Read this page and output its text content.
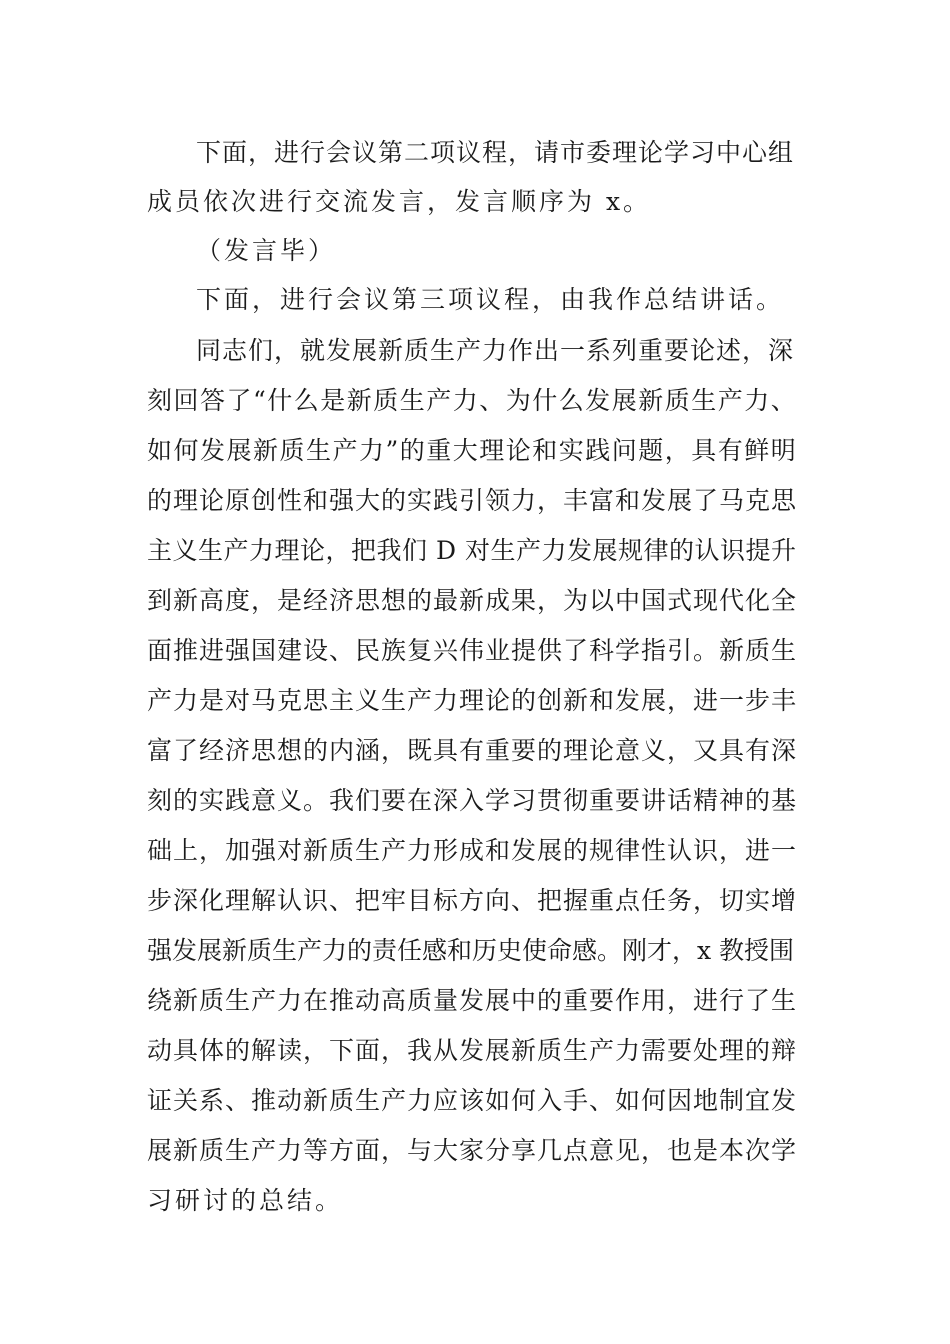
下面，进行会议第二项议程，请市委理论学习中心组
成员依次进行交流发言，发言顺序为 x。
（发言毕）
下面，进行会议第三项议程，由我作总结讲话。
同志们，就发展新质生产力作出一系列重要论述，深
刻回答了“什么是新质生产力、为什么发展新质生产力、
如何发展新质生产力”的重大理论和实践问题，具有鲜明
的理论原创性和强大的实践引领力，丰富和发展了马克思
主义生产力理论，把我们 D 对生产力发展规律的认识提升
到新高度，是经济思想的最新成果，为以中国式现代化全
面推进强国建设、民族复兴伟业提供了科学指引。新质生
产力是对马克思主义生产力理论的创新和发展，进一步丰
富了经济思想的内涵，既具有重要的理论意义，又具有深
刻的实践意义。我们要在深入学习贯彻重要讲话精神的基
础上，加强对新质生产力形成和发展的规律性认识，进一
步深化理解认识、把牢目标方向、把握重点任务，切实增
强发展新质生产力的责任感和历史使命感。刚才，x 教授围
绕新质生产力在推动高质量发展中的重要作用，进行了生
动具体的解读，下面，我从发展新质生产力需要处理的辩
证关系、推动新质生产力应该如何入手、如何因地制宜发
展新质生产力等方面，与大家分享几点意见，也是本次学
习研讨的总结。
